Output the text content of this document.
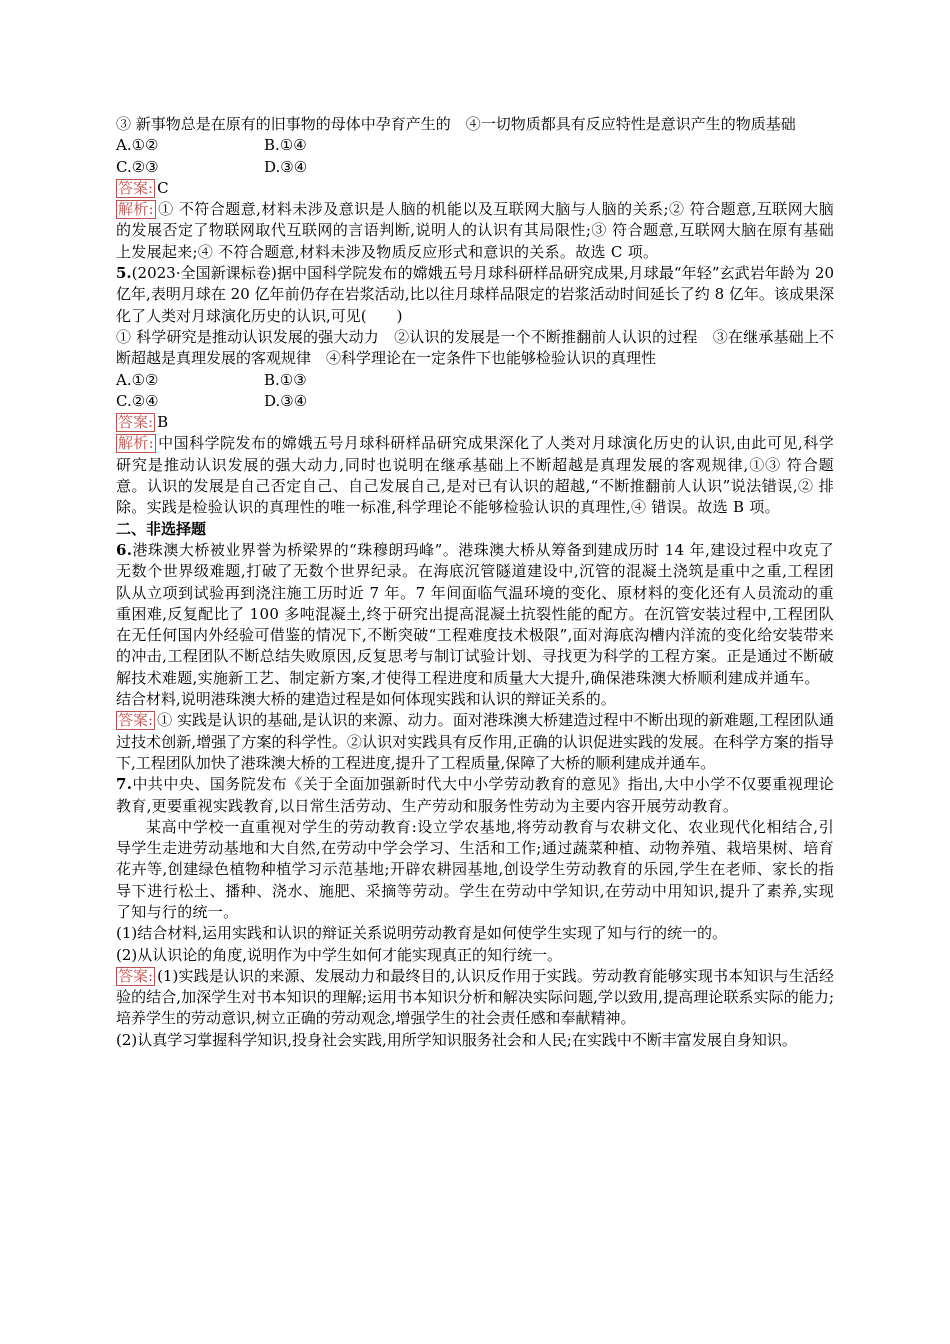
③ 新事物总是在原有的旧事物的母体中孕育产生的　④一切物质都具有反应特性是意识产生的物质基础

A.①②	B.①④
C.②③	D.③④

答案: C

解析: ① 不符合题意,材料未涉及意识是人脑的机能以及互联网大脑与人脑的关系;② 符合题意,互联网大脑的发展否定了物联网取代互联网的言语判断,说明人的认识有其局限性;③ 符合题意,互联网大脑在原有基础上发展起来;④ 不符合题意,材料未涉及物质反应形式和意识的关系。故选 C 项。

5.(2023·全国新课标卷)据中国科学院发布的嫦娥五号月球科研样品研究成果,月球最“年轻”玄武岩年龄为 20 亿年,表明月球在 20 亿年前仍存在岩浆活动,比以往月球样品限定的岩浆活动时间延长了约 8 亿年。该成果深化了人类对月球演化历史的认识,可见(　　)

① 科学研究是推动认识发展的强大动力　②认识的发展是一个不断推翻前人认识的过程　③在继承基础上不断超越是真理发展的客观规律　④科学理论在一定条件下也能够检验认识的真理性

A.①②	B.①③
C.②④	D.③④

答案: B

解析: 中国科学院发布的嫦娥五号月球科研样品研究成果深化了人类对月球演化历史的认识,由此可见,科学研究是推动认识发展的强大动力,同时也说明在继承基础上不断超越是真理发展的客观规律,①③ 符合题意。认识的发展是自己否定自己、自己发展自己,是对已有认识的超越,“不断推翻前人认识”说法错误,② 排除。实践是检验认识的真理性的唯一标准,科学理论不能够检验认识的真理性,④ 错误。故选 B 项。

二、非选择题

6.港珠澳大桥被业界誉为桥梁界的“珠穆朗玛峰”。港珠澳大桥从筹备到建成历时 14 年,建设过程中攻克了无数个世界级难题,打破了无数个世界纪录。在海底沉管隧道建设中,沉管的混凝土浇筑是重中之重,工程团队从立项到试验再到浇注施工历时近 7 年。7 年间面临气温环境的变化、原材料的变化还有人员流动的重重困难,反复配比了 100 多吨混凝土,终于研究出提高混凝土抗裂性能的配方。在沉管安装过程中,工程团队在无任何国内外经验可借鉴的情况下,不断突破“工程难度技术极限”,面对海底沟槽内洋流的变化给安装带来的冲击,工程团队不断总结失败原因,反复思考与制订试验计划、寻找更为科学的工程方案。正是通过不断破解技术难题,实施新工艺、制定新方案,才使得工程进度和质量大大提升,确保港珠澳大桥顺利建成并通车。

结合材料,说明港珠澳大桥的建造过程是如何体现实践和认识的辩证关系的。

答案: ① 实践是认识的基础,是认识的来源、动力。面对港珠澳大桥建造过程中不断出现的新难题,工程团队通过技术创新,增强了方案的科学性。②认识对实践具有反作用,正确的认识促进实践的发展。在科学方案的指导下,工程团队加快了港珠澳大桥的工程进度,提升了工程质量,保障了大桥的顺利建成并通车。

7.中共中央、国务院发布《关于全面加强新时代大中小学劳动教育的意见》指出,大中小学不仅要重视理论教育,更要重视实践教育,以日常生活劳动、生产劳动和服务性劳动为主要内容开展劳动教育。

某高中学校一直重视对学生的劳动教育:设立学农基地,将劳动教育与农耕文化、农业现代化相结合,引导学生走进劳动基地和大自然,在劳动中学会学习、生活和工作;通过蔬菜种植、动物养殖、栽培果树、培育花卉等,创建绿色植物种植学习示范基地;开辟农耕园基地,创设学生劳动教育的乐园,学生在老师、家长的指导下进行松土、播种、浇水、施肥、采摘等劳动。学生在劳动中学知识,在劳动中用知识,提升了素养,实现了知与行的统一。

(1)结合材料,运用实践和认识的辩证关系说明劳动教育是如何使学生实现了知与行的统一的。

(2)从认识论的角度,说明作为中学生如何才能实现真正的知行统一。

答案: (1)实践是认识的来源、发展动力和最终目的,认识反作用于实践。劳动教育能够实现书本知识与生活经验的结合,加深学生对书本知识的理解;运用书本知识分析和解决实际问题,学以致用,提高理论联系实际的能力;培养学生的劳动意识,树立正确的劳动观念,增强学生的社会责任感和奉献精神。

(2)认真学习掌握科学知识,投身社会实践,用所学知识服务社会和人民;在实践中不断丰富发展自身知识。
